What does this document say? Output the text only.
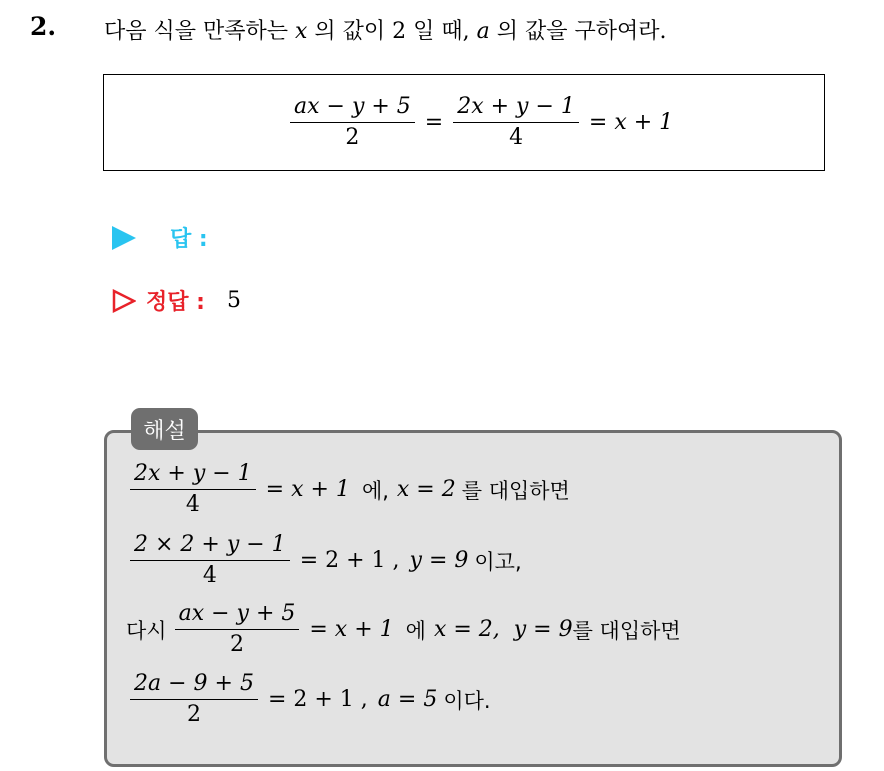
2. 다음 식을 만족하는 x 의 값이 2 일 때, a 의 값을 구하여라.
$\frac{ax - y + 5}{2} = \frac{2x + y - 1}{4} = x + 1$
답 :
정답 : 5
해설
$\frac{2x + y - 1}{4} = x + 1$ 에, x = 2 를 대입하면
$\frac{2 \times 2 + y - 1}{4} = 2 + 1$ , y = 9 이고,
다시 $\frac{ax - y + 5}{2} = x + 1$ 에 x = 2,  y = 9 를 대입하면
$\frac{2a - 9 + 5}{2} = 2 + 1$ , a = 5 이다.
